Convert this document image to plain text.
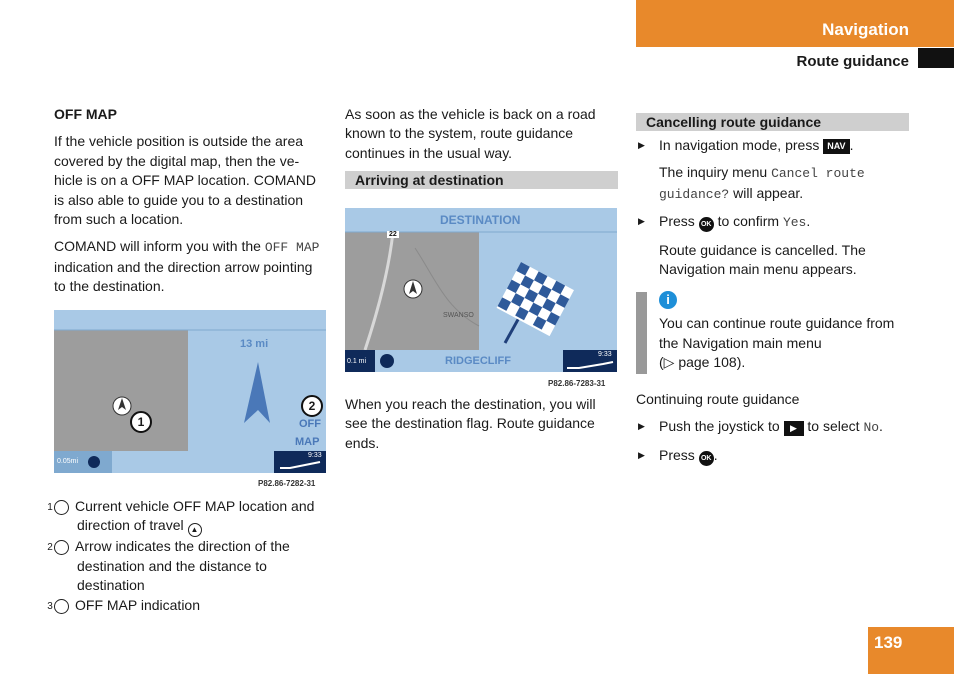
Navigation
Route guidance

OFF MAP

If the vehicle position is outside the area covered by the digital map, then the ve-hicle is on a OFF MAP location. COMAND is also able to guide you to a destination from such a location.

COMAND will inform you with the OFF MAP indication and the direction arrow pointing to the destination.

13 mi
OFF
MAP
0.05mi
9:33
1
2
P82.86-7282-31
1 Current vehicle OFF MAP location and direction of travel ▲
2 Arrow indicates the direction of the destination and the distance to destination
3 OFF MAP indication

As soon as the vehicle is back on a road known to the system, route guidance continues in the usual way.

Arriving at destination
DESTINATION
22
SWANSO
0.1 mi	RIDGECLIFF
9:33
P82.86-7283-31

When you reach the destination, you will see the destination flag. Route guidance ends.

Cancelling route guidance
▶ In navigation mode, press NAV .
The inquiry menu Cancel route guidance? will appear.
▶ Press OK to confirm Yes.
Route guidance is cancelled. The Navigation main menu appears.
i
You can continue route guidance from the Navigation main menu
(▷ page 108).

Continuing route guidance

▶ Push the joystick to ▶ to select No.
▶ Press OK .
139
